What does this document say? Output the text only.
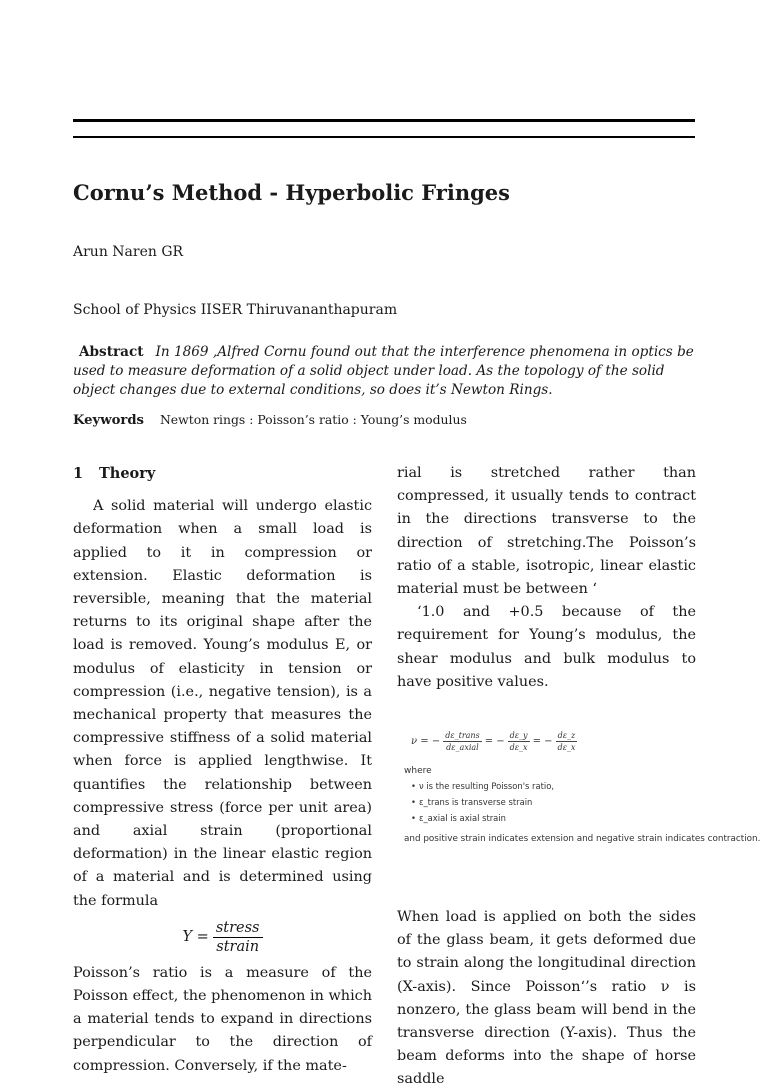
Cornu’s Method - Hyperbolic Fringes
Arun Naren GR
School of Physics IISER Thiruvananthapuram

Abstract In 1869 ,Alfred Cornu found out that the interference phenomena in optics be used to measure deformation of a solid object under load. As the topology of the solid object changes due to external conditions, so does it’s Newton Rings.

Keywords Newton rings : Poisson’s ratio : Young’s modulus
1 Theory

A solid material will undergo elastic deformation when a small load is applied to it in compression or extension. Elastic deformation is reversible, meaning that the material returns to its original shape after the load is removed. Young’s modulus E, or modulus of elasticity in tension or compression (i.e., negative tension), is a mechanical property that measures the compressive stiffness of a solid material when force is applied lengthwise. It quantifies the relationship between compressive stress (force per unit area) and axial strain (proportional deformation) in the linear elastic region of a material and is determined using the formula

$Y = \frac{\text{stress}}{\text{strain}}$

Poisson’s ratio is a measure of the Poisson effect, the phenomenon in which a material tends to expand in directions perpendicular to the direction of compression. Conversely, if the mate-

rial is stretched rather than compressed, it usually tends to contract in the directions transverse to the direction of stretching.The Poisson’s ratio of a stable, isotropic, linear elastic material must be between ‘

‘1.0 and +0.5 because of the requirement for Young’s modulus, the shear modulus and bulk modulus to have positive values.

ν = − $\frac{\text{dε\_trans}}{\text{dε\_axial}}$ = − $\frac{d\varepsilon\_y}{d\varepsilon\_x}$ = − $\frac{d\varepsilon\_z}{d\varepsilon\_x}$
where
• ν is the resulting Poisson's ratio,
• ε_trans is transverse strain
• ε_axial is axial strain
and positive strain indicates extension and negative strain indicates contraction.

When load is applied on both the sides of the glass beam, it gets deformed due to strain along the longitudinal direction (X-axis). Since Poisson‘’s ratio ν is nonzero, the glass beam will bend in the transverse direction (Y-axis). Thus the beam deforms into the shape of horse saddle
